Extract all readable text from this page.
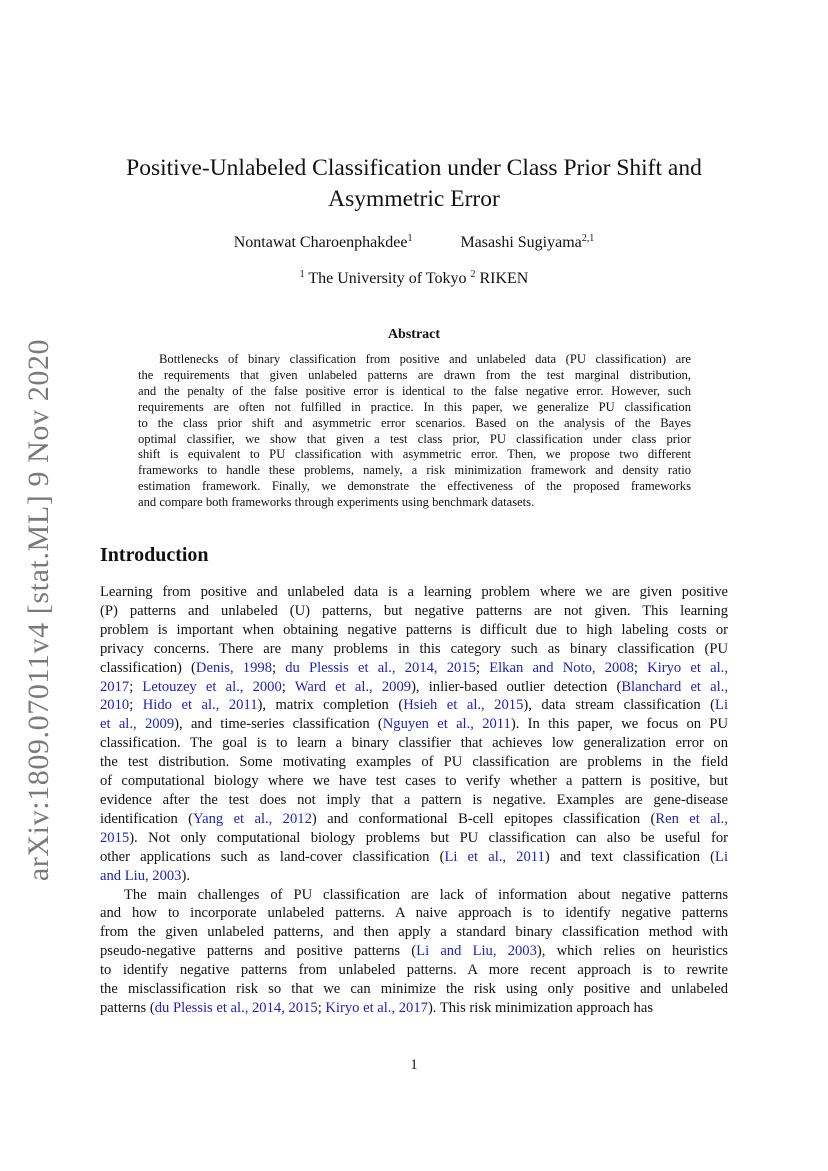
arXiv:1809.07011v4 [stat.ML] 9 Nov 2020
Positive-Unlabeled Classification under Class Prior Shift and
Asymmetric Error
Nontawat Charoenphakdee$^1$	Masashi Sugiyama$^{2,1}$
$^1$ The University of Tokyo $^2$ RIKEN
Abstract
Bottlenecks of binary classification from positive and unlabeled data (PU classification) are
the requirements that given unlabeled patterns are drawn from the test marginal distribution,
and the penalty of the false positive error is identical to the false negative error. However, such
requirements are often not fulfilled in practice. In this paper, we generalize PU classification
to the class prior shift and asymmetric error scenarios. Based on the analysis of the Bayes
optimal classifier, we show that given a test class prior, PU classification under class prior
shift is equivalent to PU classification with asymmetric error. Then, we propose two different
frameworks to handle these problems, namely, a risk minimization framework and density ratio
estimation framework. Finally, we demonstrate the effectiveness of the proposed frameworks
and compare both frameworks through experiments using benchmark datasets.
Introduction
Learning from positive and unlabeled data is a learning problem where we are given positive
(P) patterns and unlabeled (U) patterns, but negative patterns are not given. This learning
problem is important when obtaining negative patterns is difficult due to high labeling costs or
privacy concerns. There are many problems in this category such as binary classification (PU
classification) (Denis, 1998; du Plessis et al., 2014, 2015; Elkan and Noto, 2008; Kiryo et al.,
2017; Letouzey et al., 2000; Ward et al., 2009), inlier-based outlier detection (Blanchard et al.,
2010; Hido et al., 2011), matrix completion (Hsieh et al., 2015), data stream classification (Li
et al., 2009), and time-series classification (Nguyen et al., 2011). In this paper, we focus on PU
classification. The goal is to learn a binary classifier that achieves low generalization error on
the test distribution. Some motivating examples of PU classification are problems in the field
of computational biology where we have test cases to verify whether a pattern is positive, but
evidence after the test does not imply that a pattern is negative. Examples are gene-disease
identification (Yang et al., 2012) and conformational B-cell epitopes classification (Ren et al.,
2015). Not only computational biology problems but PU classification can also be useful for
other applications such as land-cover classification (Li et al., 2011) and text classification (Li
and Liu, 2003).
The main challenges of PU classification are lack of information about negative patterns
and how to incorporate unlabeled patterns. A naive approach is to identify negative patterns
from the given unlabeled patterns, and then apply a standard binary classification method with
pseudo-negative patterns and positive patterns (Li and Liu, 2003), which relies on heuristics
to identify negative patterns from unlabeled patterns. A more recent approach is to rewrite
the misclassification risk so that we can minimize the risk using only positive and unlabeled
patterns (du Plessis et al., 2014, 2015; Kiryo et al., 2017). This risk minimization approach has
1
